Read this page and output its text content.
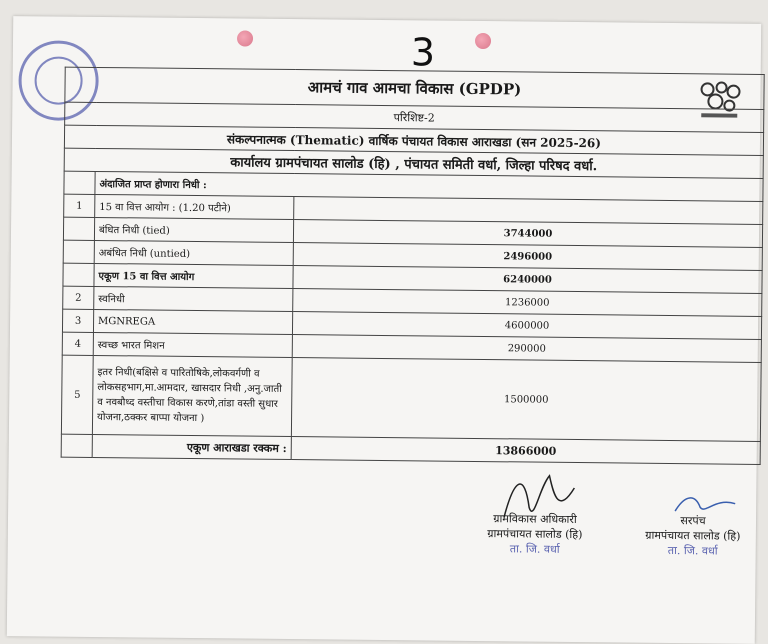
3
आमचं गाव आमचा विकास (GPDP)		
परिशिष्ट-2		
संकल्पनात्मक (Thematic) वार्षिक पंचायत विकास आराखडा (सन 2025-26)		
कार्यालय ग्रामपंचायत सालोड (हि) , पंचायत समिती वर्धा, जिल्हा परिषद वर्धा.		
	अंदाजित प्राप्त होणारा निधी :	
1	15 वा वित्त आयोग : (1.20 पटीने)	
	बंधित निधी (tied)	3744000
	अबंधित निधी (untied)	2496000
	एकूण 15 वा वित्त आयोग	6240000
2	स्वनिधी	1236000
3	MGNREGA	4600000
4	स्वच्छ भारत मिशन	290000
5	इतर निधी(बक्षिसे व पारितोषिके,लोकवर्गणी व लोकसहभाग,मा.आमदार, खासदार निधी ,अनु.जाती व नवबौध्द वस्तीचा विकास करणे,तांडा वस्ती सुधार योजना,ठक्कर बाप्पा योजना )	1500000
	एकूण आराखडा रक्कम :	13866000
ग्रामविकास अधिकारी
ग्रामपंचायत सालोड (हि)
ता. जि. वर्धा
सरपंच
ग्रामपंचायत सालोड (हि)
ता. जि. वर्धा
